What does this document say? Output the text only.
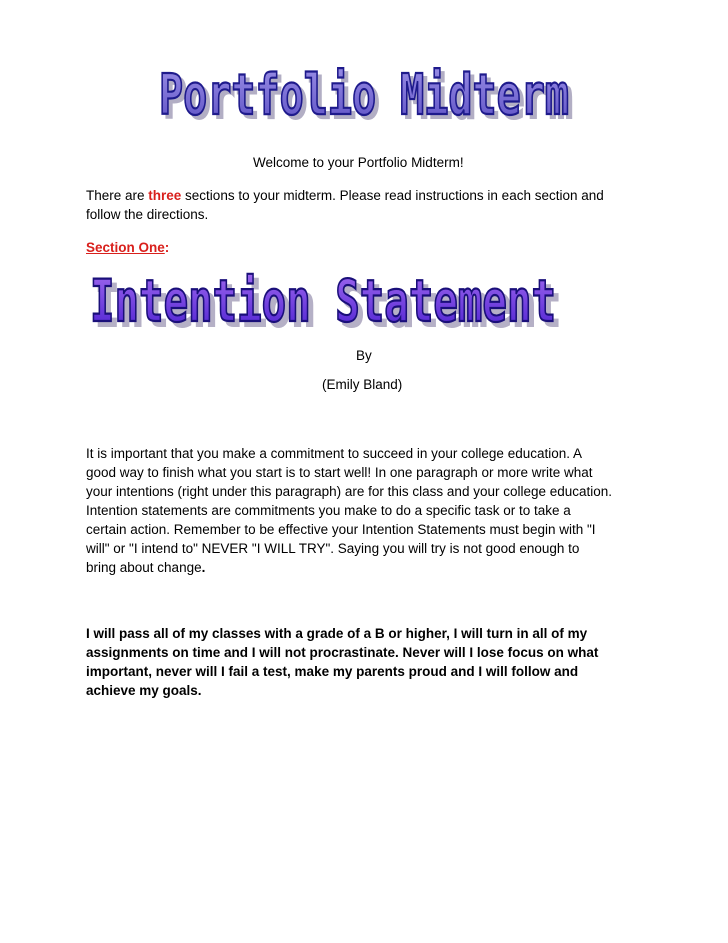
Portfolio Midterm
Portfolio Midterm
Welcome to your Portfolio Midterm!
There are three sections to your midterm. Please read instructions in each section and
follow the directions.
Section One:
Intention Statement
Intention Statement
By
(Emily Bland)
It is important that you make a commitment to succeed in your college education. A
good way to finish what you start is to start well! In one paragraph or more write what
your intentions (right under this paragraph) are for this class and your college education.
Intention statements are commitments you make to do a specific task or to take a
certain action. Remember to be effective your Intention Statements must begin with "I
will" or "I intend to" NEVER "I WILL TRY". Saying you will try is not good enough to
bring about change.
I will pass all of my classes with a grade of a B or higher, I will turn in all of my
assignments on time and I will not procrastinate. Never will I lose focus on what
important, never will I fail a test, make my parents proud and I will follow and
achieve my goals.
